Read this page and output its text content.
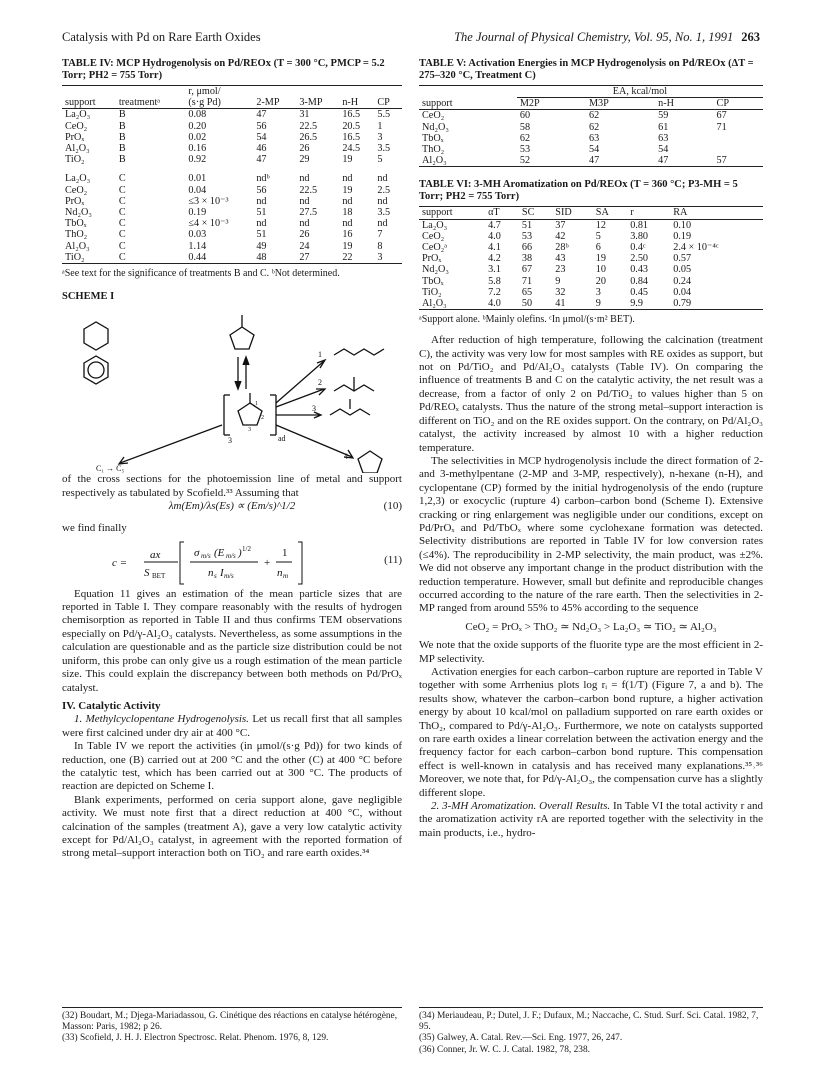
Catalysis with Pd on Rare Earth Oxides	The Journal of Physical Chemistry, Vol. 95, No. 1, 1991 263
TABLE IV: MCP Hydrogenolysis on Pd/REOx (T = 300 °C, PMCP = 5.2 Torr; PH2 = 755 Torr)
		r, μmol/				
support	treatmentᵃ	(s·g Pd)	2-MP	3-MP	n-H	CP
La₂O₃	B	0.08	47	31	16.5	5.5
CeO₂	B	0.20	56	22.5	20.5	1
PrOₓ	B	0.02	54	26.5	16.5	3
Al₂O₃	B	0.16	46	26	24.5	3.5
TiO₂	B	0.92	47	29	19	5

La₂O₃	C	0.01	ndᵇ	nd	nd	nd
CeO₂	C	0.04	56	22.5	19	2.5
PrOₓ	C	≤3 × 10⁻³	nd	nd	nd	nd
Nd₂O₃	C	0.19	51	27.5	18	3.5
TbOₓ	C	≤4 × 10⁻³	nd	nd	nd	nd
ThO₂	C	0.03	51	26	16	7
Al₂O₃	C	1.14	49	24	19	8
TiO₂	C	0.44	48	27	22	3
ᵃSee text for the significance of treatments B and C. ᵇNot determined.
SCHEME I
1
2
3
4
3	ad
C₁ → C₅
1
2
3

of the cross sections for the photoemission line of metal and support respectively as tabulated by Scofield.³³ Assuming that

λm(Em)/λs(Es) ∝ (Em/s)^1/2	(10)

we find finally

c =
ax
S BET
σ m/s (E m/s ) 1/2
n s I m/s
+
1
n m
(11)

Equation 11 gives an estimation of the mean particle sizes that are reported in Table I. They compare reasonably with the results of hydrogen chemisorption as reported in Table II and thus confirms TEM observations especially on Pd/γ-Al₂O₃ catalysts. Nevertheless, as some assumptions in the calculation are questionable and as the particle size distribution could be not uniform, this probe can only give us a rough estimation of the mean particle size. This could explain the discrepancy between both methods on Pd/PrOₓ catalyst.

IV. Catalytic Activity

1. Methylcyclopentane Hydrogenolysis. Let us recall first that all samples were first calcined under dry air at 400 °C.

In Table IV we report the activities (in μmol/(s·g Pd)) for two kinds of reduction, one (B) carried out at 200 °C and the other (C) at 400 °C before the catalytic test, which has been carried out at 300 °C. The products of reaction are depicted on Scheme I.

Blank experiments, performed on ceria support alone, gave negligible activity. We must note first that a direct reduction at 400 °C, without calcination of the samples (treatment A), gave a very low catalytic activity except for Pd/Al₂O₃ catalyst, in agreement with the reported formation of strong metal–support interaction both on TiO₂ and rare earth oxides.³⁴

TABLE V: Activation Energies in MCP Hydrogenolysis on Pd/REOx (ΔT = 275–320 °C, Treatment C)
	EA, kcal/mol			
support	M2P	M3P	n-H	CP
CeO₂	60	62	59	67
Nd₂O₃	58	62	61	71
TbOₓ	62	63	63	
ThO₂	53	54	54	
Al₂O₃	52	47	47	57
TABLE VI: 3-MH Aromatization on Pd/REOx (T = 360 °C; P3-MH = 5 Torr; PH2 = 755 Torr)
support	αT	SC	SID	SA	r	RA
La₂O₃	4.7	51	37	12	0.81	0.10
CeO₂	4.0	53	42	5	3.80	0.19
CeO₂ᵃ	4.1	66	28ᵇ	6	0.4ᶜ	2.4 × 10⁻⁴ᶜ
PrOₓ	4.2	38	43	19	2.50	0.57
Nd₂O₃	3.1	67	23	10	0.43	0.05
TbOₓ	5.8	71	9	20	0.84	0.24
TiO₂	7.2	65	32	3	0.45	0.04
Al₂O₃	4.0	50	41	9	9.9	0.79
ᵃSupport alone. ᵇMainly olefins. ᶜIn μmol/(s·m² BET).

After reduction of high temperature, following the calcination (treatment C), the activity was very low for most samples with RE oxides as support, but not on Pd/TiO₂ and Pd/Al₂O₃ catalysts (Table IV). On comparing the influence of treatments B and C on the catalytic activity, the net result was a decrease, from a factor of only 2 on Pd/TiO₂ to values higher than 5 on Pd/REOₓ catalysts. Thus the nature of the strong metal–support interaction is different on TiO₂ and on the RE oxides support. On the contrary, on Pd/Al₂O₃ catalyst, the activity increased by almost 10 with a higher reduction temperature.

The selectivities in MCP hydrogenolysis include the direct formation of 2- and 3-methylpentane (2-MP and 3-MP, respectively), n-hexane (n-H), and cyclopentane (CP) formed by the initial hydrogenolysis of the endo (rupture 1,2,3) or exocyclic (rupture 4) carbon–carbon bond (Scheme I). Extensive cracking or ring enlargement was negligible under our conditions, except on Pd/PrOₓ and Pd/TbOₓ where some cyclohexane formation was detected. Selectivity distributions are reported in Table IV for low conversion rates (≤4%). The reproducibility in 2-MP selectivity, the main product, was ±2%. We did not observe any important change in the product distribution with the reduction temperature. However, small but definite and reproducible changes occurred according to the nature of the rare earth. Then the selectivities in 2-MP ranged from around 55% to 45% according to the sequence

CeO₂ = PrOₓ > ThO₂ ≃ Nd₂O₃ > La₂O₃ ≃ TiO₂ ≃ Al₂O₃

We note that the oxide supports of the fluorite type are the most efficient in 2-MP selectivity.

Activation energies for each carbon–carbon rupture are reported in Table V together with some Arrhenius plots log rᵢ = f(1/T) (Figure 7, a and b). The results show, whatever the carbon–carbon bond rupture, a higher activation energy by about 10 kcal/mol on palladium supported on rare earth oxides or ThO₂, compared to Pd/γ-Al₂O₃. Furthermore, we note on catalysts supported on rare earth oxides a linear correlation between the activation energy and the frequency factor for each carbon–carbon bond rupture. This compensation effect is well-known in catalysis and has received many explanations.³⁵˒³⁶ Moreover, we note that, for Pd/γ-Al₂O₃, the compensation curve has a slightly different slope.

2. 3-MH Aromatization. Overall Results. In Table VI the total activity r and the aromatization activity rA are reported together with the selectivity in the main products, i.e., hydro-

(32) Boudart, M.; Djega-Mariadassou, G. Cinétique des réactions en catalyse hétérogène, Masson: Paris, 1982; p 26.
(33) Scofield, J. H. J. Electron Spectrosc. Relat. Phenom. 1976, 8, 129.
(34) Meriaudeau, P.; Dutel, J. F.; Dufaux, M.; Naccache, C. Stud. Surf. Sci. Catal. 1982, 7, 95.
(35) Galwey, A. Catal. Rev.—Sci. Eng. 1977, 26, 247.
(36) Conner, Jr. W. C. J. Catal. 1982, 78, 238.
